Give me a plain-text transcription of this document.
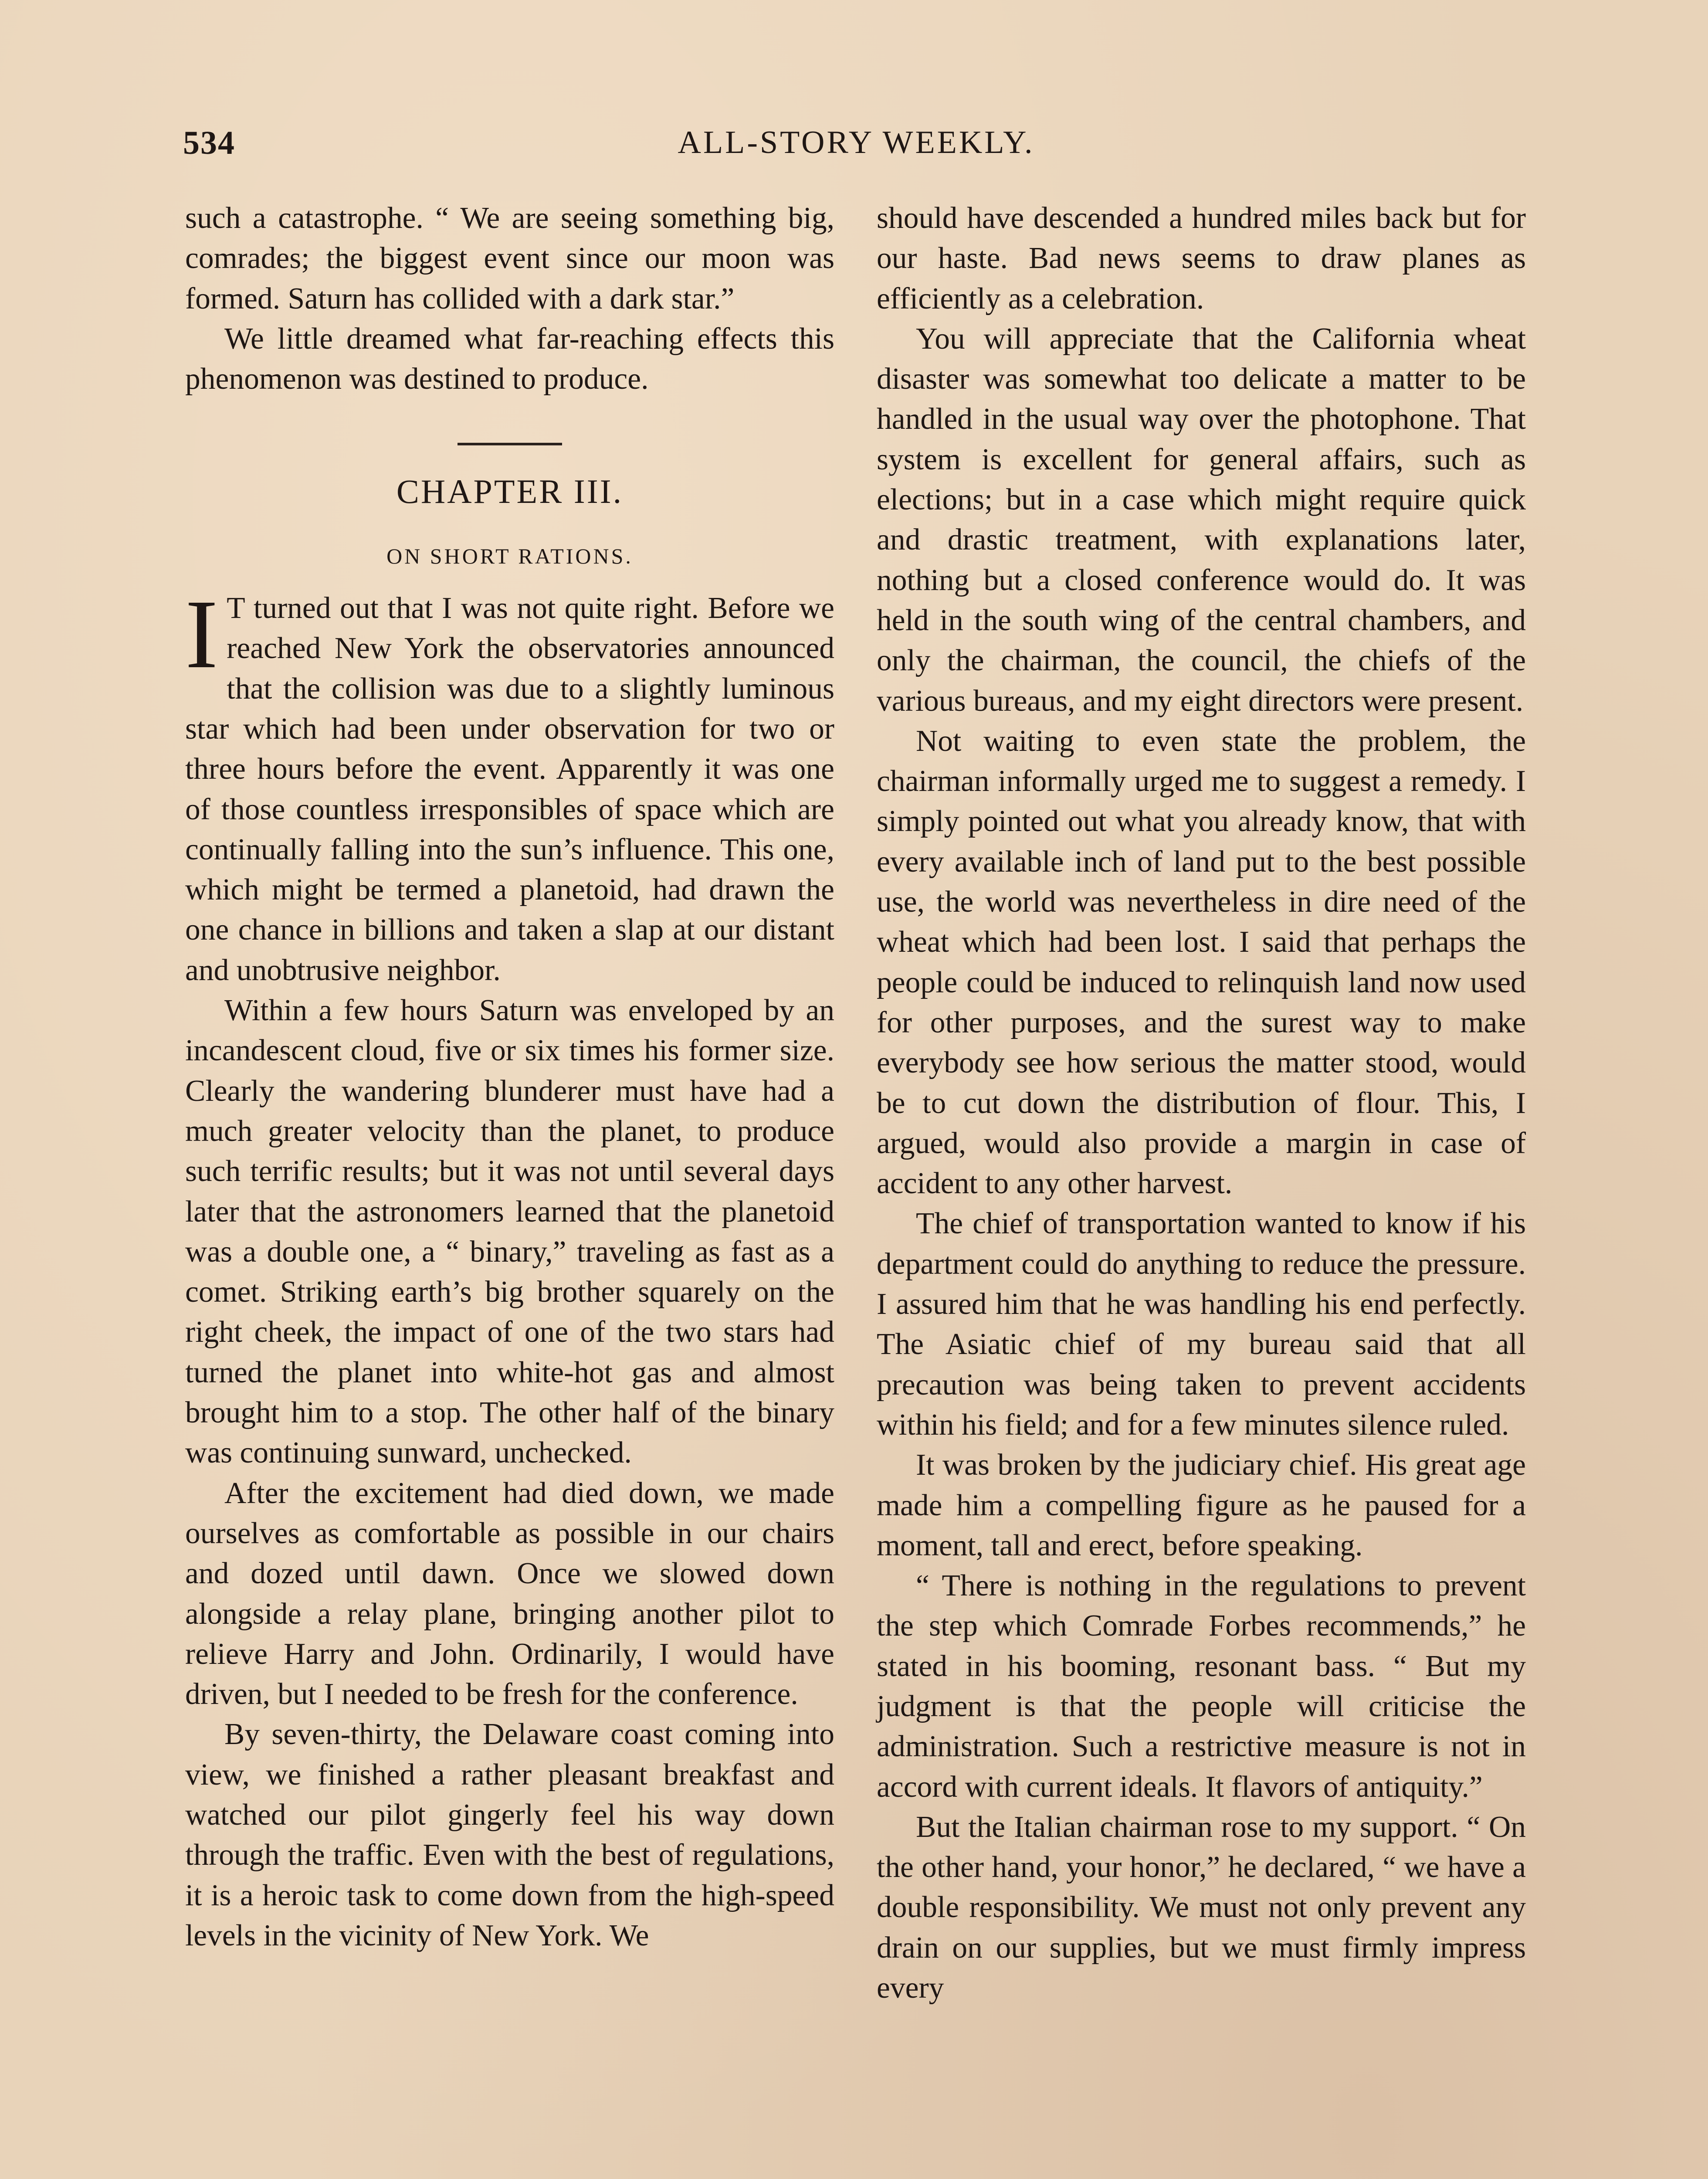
534	ALL-STORY WEEKLY.

such a catastrophe. “ We are seeing something big, comrades; the biggest event since our moon was formed. Saturn has collided with a dark star.”

We little dreamed what far-reaching effects this phenomenon was destined to produce.

CHAPTER III.
ON SHORT RATIONS.

I T turned out that I was not quite right. Before we reached New York the observatories announced that the collision was due to a slightly luminous star which had been under observation for two or three hours before the event. Apparently it was one of those countless irresponsibles of space which are continually falling into the sun’s influence. This one, which might be termed a planetoid, had drawn the one chance in billions and taken a slap at our distant and unobtrusive neighbor.

Within a few hours Saturn was enveloped by an incandescent cloud, five or six times his former size. Clearly the wandering blunderer must have had a much greater velocity than the planet, to produce such terrific results; but it was not until several days later that the astronomers learned that the planetoid was a double one, a “ binary,” traveling as fast as a comet. Striking earth’s big brother squarely on the right cheek, the impact of one of the two stars had turned the planet into white-hot gas and almost brought him to a stop. The other half of the binary was continuing sunward, unchecked.

After the excitement had died down, we made ourselves as comfortable as possible in our chairs and dozed until dawn. Once we slowed down alongside a relay plane, bringing another pilot to relieve Harry and John. Ordinarily, I would have driven, but I needed to be fresh for the conference.

By seven-thirty, the Delaware coast coming into view, we finished a rather pleasant breakfast and watched our pilot gingerly feel his way down through the traffic. Even with the best of regulations, it is a heroic task to come down from the high-speed levels in the vicinity of New York. We

should have descended a hundred miles back but for our haste. Bad news seems to draw planes as efficiently as a celebration.

You will appreciate that the California wheat disaster was somewhat too delicate a matter to be handled in the usual way over the photophone. That system is excellent for general affairs, such as elections; but in a case which might require quick and drastic treatment, with explanations later, nothing but a closed conference would do. It was held in the south wing of the central chambers, and only the chairman, the council, the chiefs of the various bureaus, and my eight directors were present.

Not waiting to even state the problem, the chairman informally urged me to suggest a remedy. I simply pointed out what you already know, that with every available inch of land put to the best possible use, the world was nevertheless in dire need of the wheat which had been lost. I said that perhaps the people could be induced to relinquish land now used for other purposes, and the surest way to make everybody see how serious the matter stood, would be to cut down the distribution of flour. This, I argued, would also provide a margin in case of accident to any other harvest.

The chief of transportation wanted to know if his department could do anything to reduce the pressure. I assured him that he was handling his end perfectly. The Asiatic chief of my bureau said that all precaution was being taken to prevent accidents within his field; and for a few minutes silence ruled.

It was broken by the judiciary chief. His great age made him a compelling figure as he paused for a moment, tall and erect, before speaking.

“ There is nothing in the regulations to prevent the step which Comrade Forbes recommends,” he stated in his booming, resonant bass. “ But my judgment is that the people will criticise the administration. Such a restrictive measure is not in accord with current ideals. It flavors of antiquity.”

But the Italian chairman rose to my support. “ On the other hand, your honor,” he declared, “ we have a double responsibility. We must not only prevent any drain on our supplies, but we must firmly impress every
